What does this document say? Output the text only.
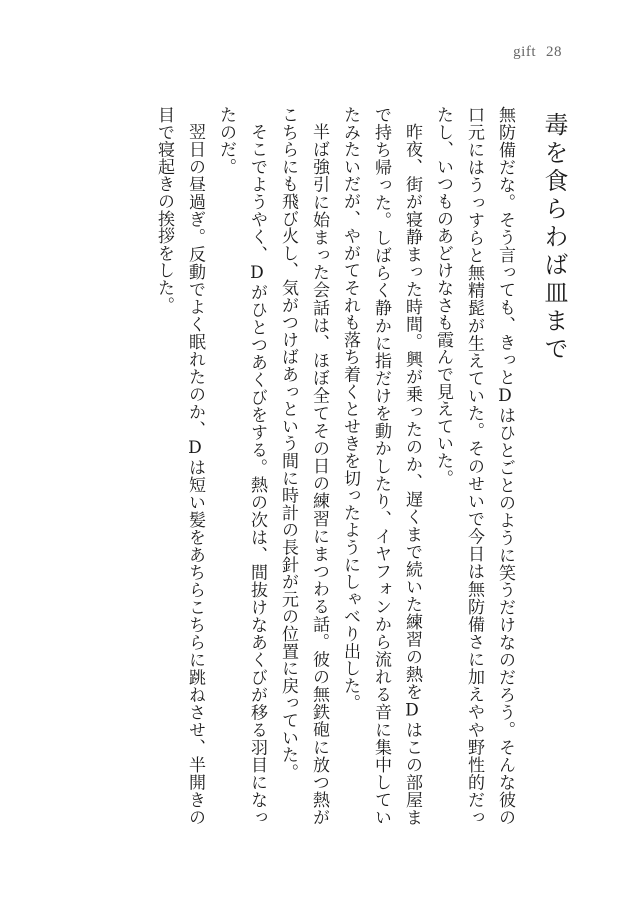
gift 28
毒を食らわば皿まで

無防備だな。そう言っても、きっとDはひとごとのように笑うだけなのだろう。そんな彼の口元にはうっすらと無精髭が生えていた。そのせいで今日は無防備さに加えやや野性的だったし、いつものあどけなさも霞んで見えていた。

昨夜、街が寝静まった時間。興が乗ったのか、遅くまで続いた練習の熱をDはこの部屋まで持ち帰った。しばらく静かに指だけを動かしたり、イヤフォンから流れる音に集中していたみたいだが、やがてそれも落ち着くとせきを切ったようにしゃべり出した。

半ば強引に始まった会話は、ほぼ全てその日の練習にまつわる話。彼の無鉄砲に放つ熱がこちらにも飛び火し、気がつけばあっという間に時計の長針が元の位置に戻っていた。

そこでようやく、Dがひとつあくびをする。熱の次は、間抜けなあくびが移る羽目になったのだ。

翌日の昼過ぎ。反動でよく眠れたのか、Dは短い髪をあちらこちらに跳ねさせ、半開きの目で寝起きの挨拶をした。
